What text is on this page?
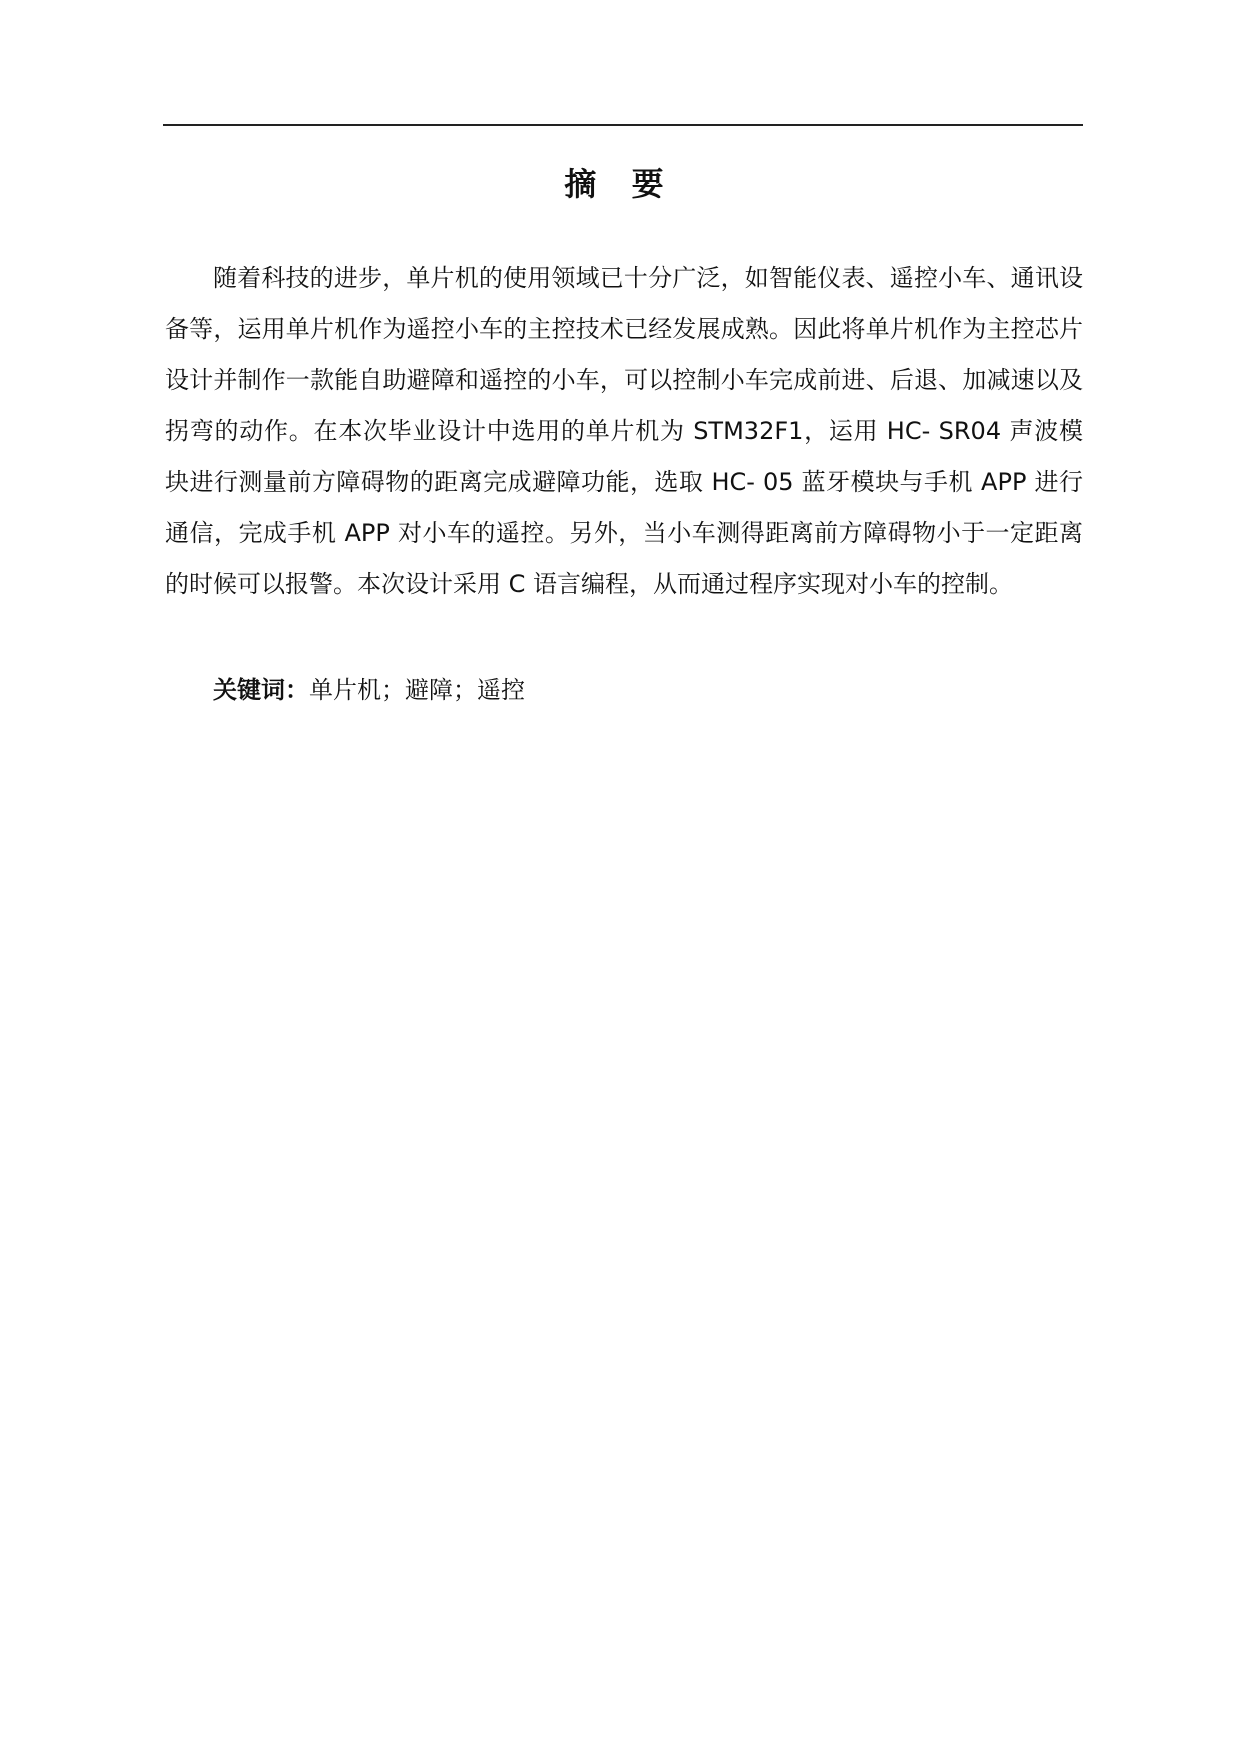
摘 要

随着科技的进步，单片机的使用领域已十分广泛，如智能仪表、遥控小车、通讯设备等，运用单片机作为遥控小车的主控技术已经发展成熟。因此将单片机作为主控芯片设计并制作一款能自助避障和遥控的小车，可以控制小车完成前进、后退、加减速以及拐弯的动作。在本次毕业设计中选用的单片机为 STM32F1，运用 HC- SR04 声波模块进行测量前方障碍物的距离完成避障功能，选取 HC- 05 蓝牙模块与手机 APP 进行通信，完成手机 APP 对小车的遥控。另外，当小车测得距离前方障碍物小于一定距离的时候可以报警。本次设计采用 C 语言编程，从而通过程序实现对小车的控制。

关键词：单片机；避障；遥控
